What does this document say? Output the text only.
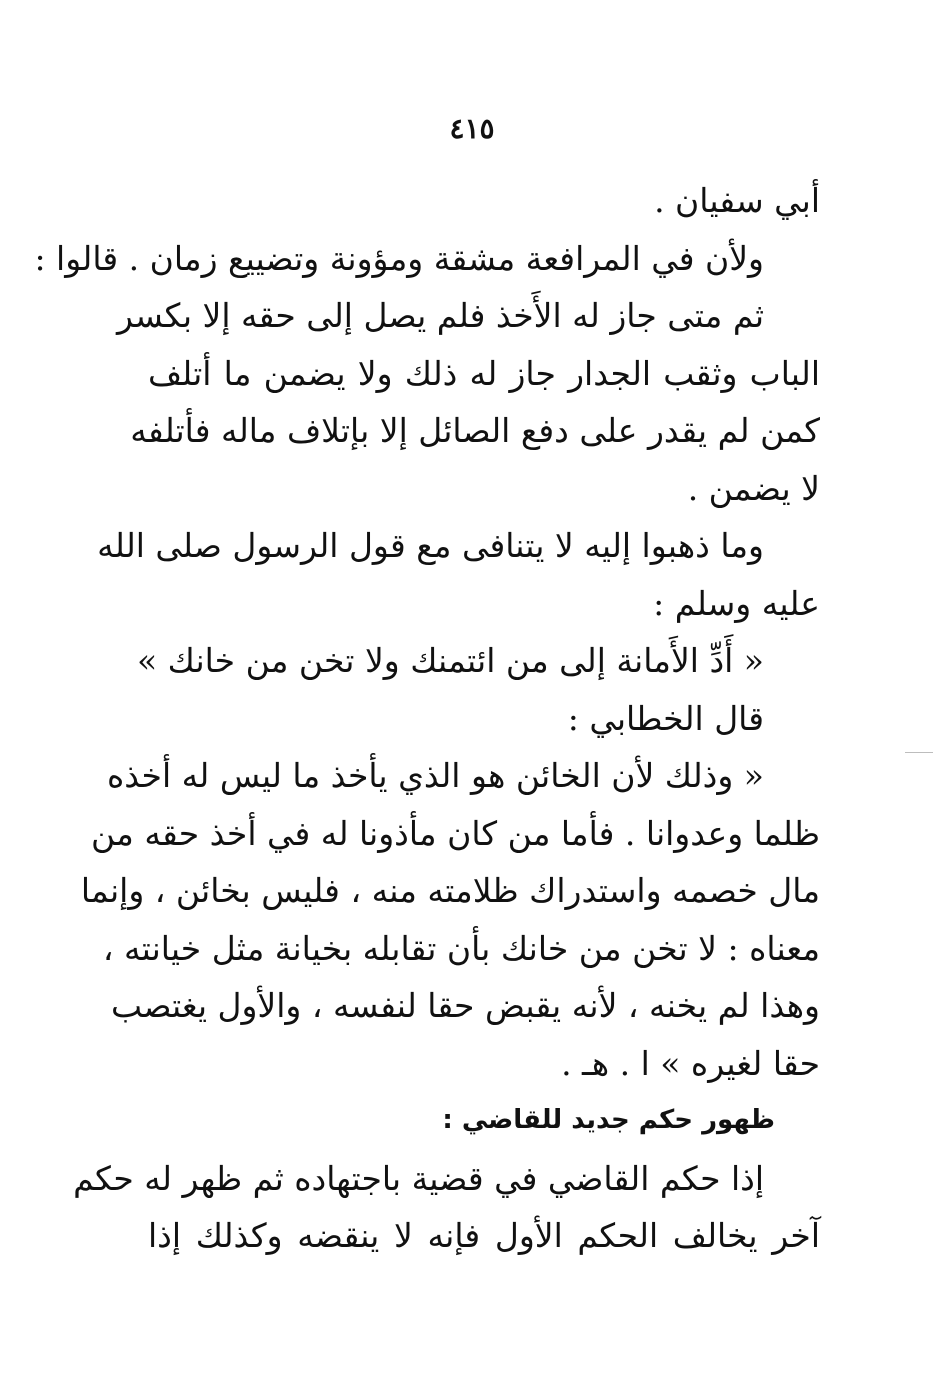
٤١٥
أبي سفيان .
ولأن في المرافعة مشقة ومؤونة وتضييع زمان . قالوا :
ثم متى جاز له الأَخذ فلم يصل إلى حقه إلا بكسر
الباب وثقب الجدار جاز له ذلك ولا يضمن ما أتلف
كمن لم يقدر على دفع الصائل إلا بإتلاف ماله فأتلفه
لا يضمن .
وما ذهبوا إليه لا يتنافى مع قول الرسول صلى الله
عليه وسلم :
« أَدِّ الأَمانة إلى من ائتمنك ولا تخن من خانك »
قال الخطابي :
« وذلك لأن الخائن هو الذي يأخذ ما ليس له أخذه
ظلما وعدوانا . فأما من كان مأذونا له في أخذ حقه من
مال خصمه واستدراك ظلامته منه ، فليس بخائن ، وإنما
معناه : لا تخن من خانك بأن تقابله بخيانة مثل خيانته ،
وهذا لم يخنه ، لأنه يقبض حقا لنفسه ، والأول يغتصب
حقا لغيره » ا . هـ .
ظهور حكم جديد للقاضي :
إذا حكم القاضي في قضية باجتهاده ثم ظهر له حكم
آخر يخالف الحكم الأول فإنه لا ينقضه وكذلك إذا
